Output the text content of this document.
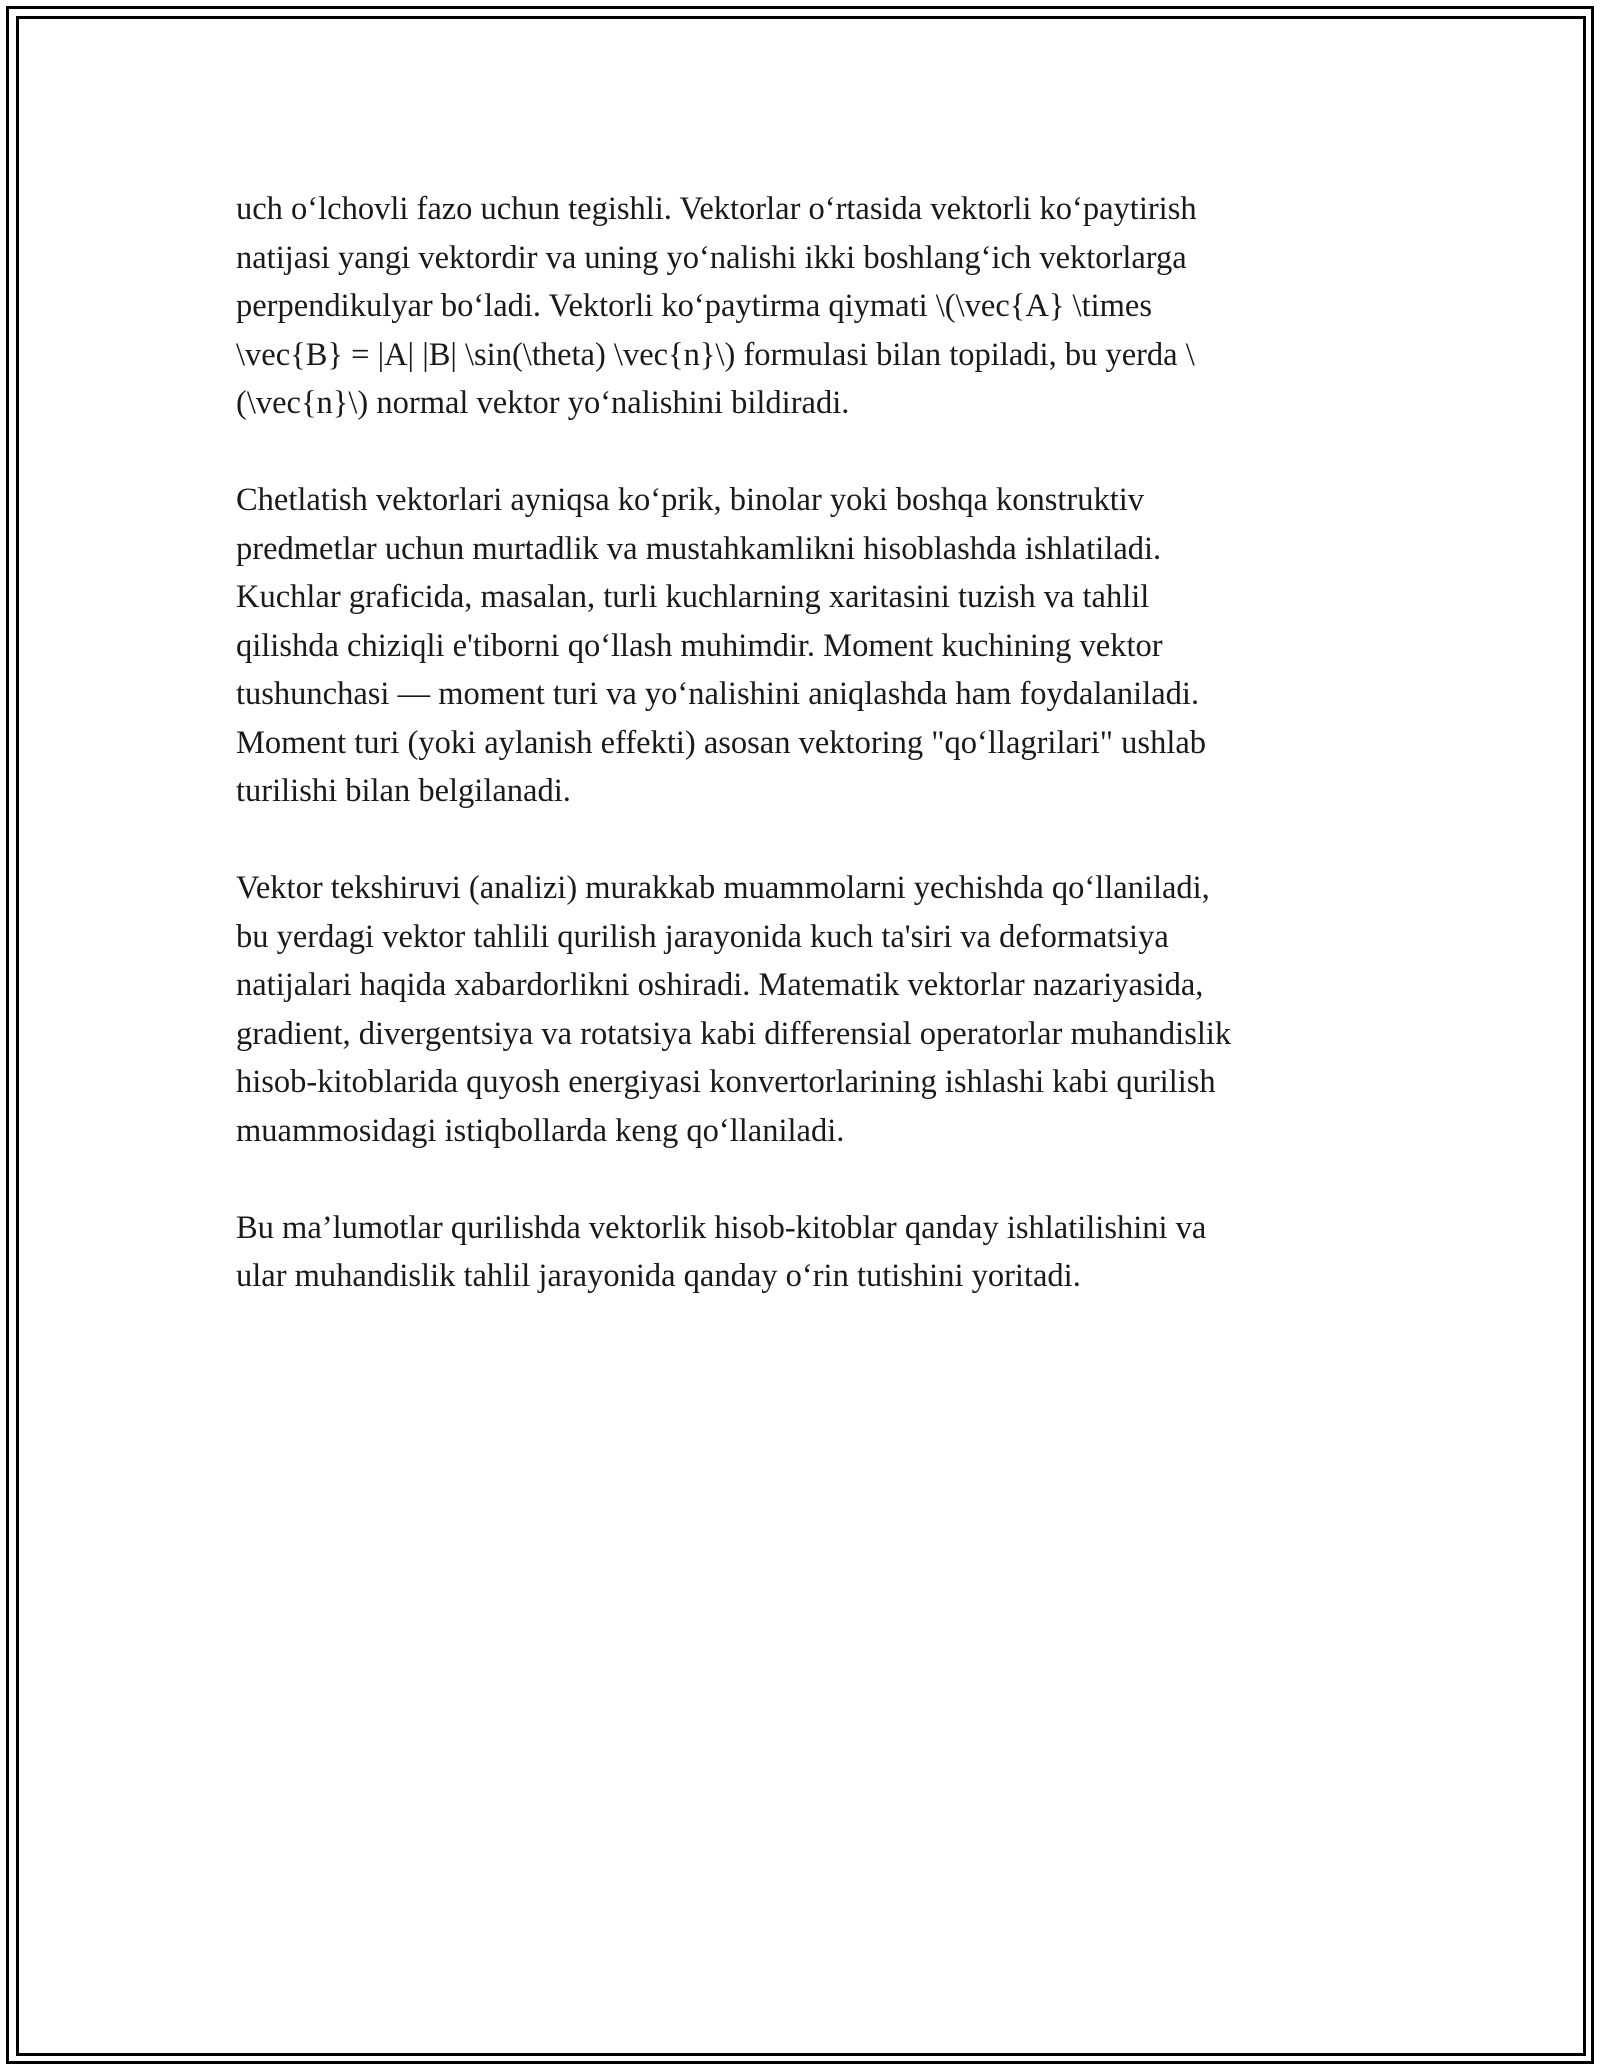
uch o‘lchovli fazo uchun tegishli. Vektorlar o‘rtasida vektorli ko‘paytirish
natijasi yangi vektordir va uning yo‘nalishi ikki boshlang‘ich vektorlarga
perpendikulyar bo‘ladi. Vektorli ko‘paytirma qiymati \(\vec{A} \times
\vec{B} = |A| |B| \sin(\theta) \vec{n}\) formulasi bilan topiladi, bu yerda \
(\vec{n}\) normal vektor yo‘nalishini bildiradi.

Chetlatish vektorlari ayniqsa ko‘prik, binolar yoki boshqa konstruktiv
predmetlar uchun murtadlik va mustahkamlikni hisoblashda ishlatiladi.
Kuchlar graficida, masalan, turli kuchlarning xaritasini tuzish va tahlil
qilishda chiziqli e'tiborni qo‘llash muhimdir. Moment kuchining vektor
tushunchasi — moment turi va yo‘nalishini aniqlashda ham foydalaniladi.
Moment turi (yoki aylanish effekti) asosan vektoring "qo‘llagrilari" ushlab
turilishi bilan belgilanadi.

Vektor tekshiruvi (analizi) murakkab muammolarni yechishda qo‘llaniladi,
bu yerdagi vektor tahlili qurilish jarayonida kuch ta'siri va deformatsiya
natijalari haqida xabardorlikni oshiradi. Matematik vektorlar nazariyasida,
gradient, divergentsiya va rotatsiya kabi differensial operatorlar muhandislik
hisob-kitoblarida quyosh energiyasi konvertorlarining ishlashi kabi qurilish
muammosidagi istiqbollarda keng qo‘llaniladi.

Bu ma’lumotlar qurilishda vektorlik hisob-kitoblar qanday ishlatilishini va
ular muhandislik tahlil jarayonida qanday o‘rin tutishini yoritadi.
